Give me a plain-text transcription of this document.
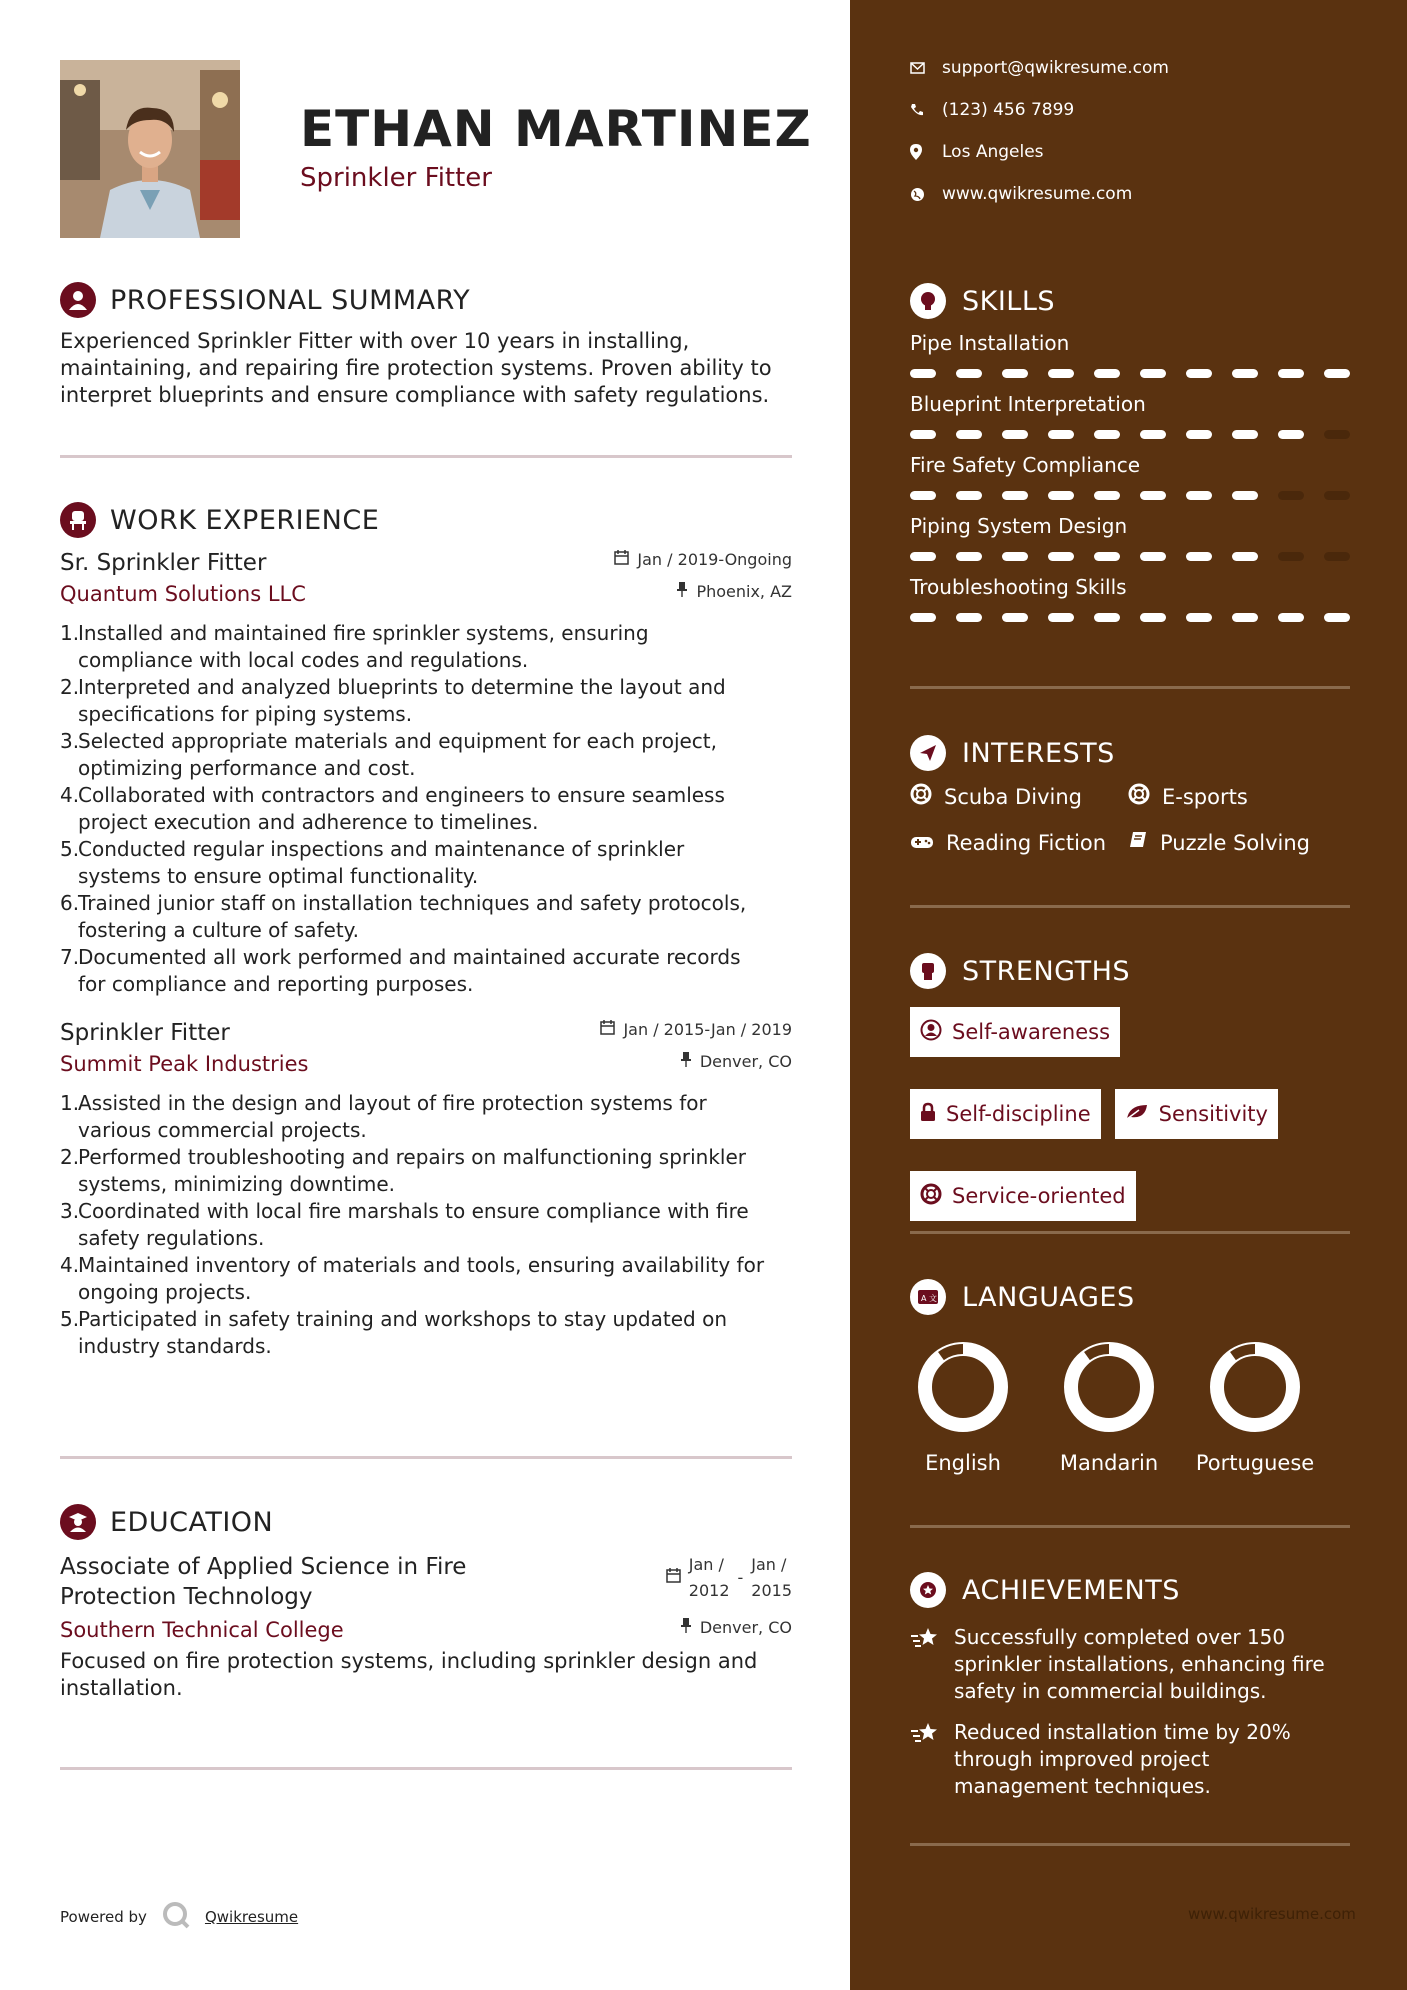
ETHAN MARTINEZ
Sprinkler Fitter
PROFESSIONAL SUMMARY
Experienced Sprinkler Fitter with over 10 years in installing,
maintaining, and repairing fire protection systems. Proven ability to
interpret blueprints and ensure compliance with safety regulations.
WORK EXPERIENCE
Sr. Sprinkler Fitter	Jan / 2019-Ongoing
Quantum Solutions LLC	Phoenix, AZ
1.
Installed and maintained fire sprinkler systems, ensuring
compliance with local codes and regulations.
2.
Interpreted and analyzed blueprints to determine the layout and
specifications for piping systems.
3.
Selected appropriate materials and equipment for each project,
optimizing performance and cost.
4.
Collaborated with contractors and engineers to ensure seamless
project execution and adherence to timelines.
5.
Conducted regular inspections and maintenance of sprinkler
systems to ensure optimal functionality.
6.
Trained junior staff on installation techniques and safety protocols,
fostering a culture of safety.
7.
Documented all work performed and maintained accurate records
for compliance and reporting purposes.
Sprinkler Fitter	Jan / 2015-Jan / 2019
Summit Peak Industries	Denver, CO
1.
Assisted in the design and layout of fire protection systems for
various commercial projects.
2.
Performed troubleshooting and repairs on malfunctioning sprinkler
systems, minimizing downtime.
3.
Coordinated with local fire marshals to ensure compliance with fire
safety regulations.
4.
Maintained inventory of materials and tools, ensuring availability for
ongoing projects.
5.
Participated in safety training and workshops to stay updated on
industry standards.
EDUCATION
Associate of Applied Science in Fire
Protection Technology
Jan /
2012
-
Jan /
2015
Southern Technical College	Denver, CO
Focused on fire protection systems, including sprinkler design and
installation.
Powered by	Qwikresume
support@qwikresume.com
(123) 456 7899
Los Angeles
www.qwikresume.com
SKILLS
Pipe Installation
Blueprint Interpretation
Fire Safety Compliance
Piping System Design
Troubleshooting Skills
INTERESTS
Scuba Diving	E-sports
Reading Fiction	Puzzle Solving
STRENGTHS
Self-awareness
Self-discipline	Sensitivity
Service-oriented
A 文 LANGUAGES
English	Mandarin Portuguese
ACHIEVEMENTS
Successfully completed over 150
sprinkler installations, enhancing fire
safety in commercial buildings.
Reduced installation time by 20%
through improved project
management techniques.
www.qwikresume.com
